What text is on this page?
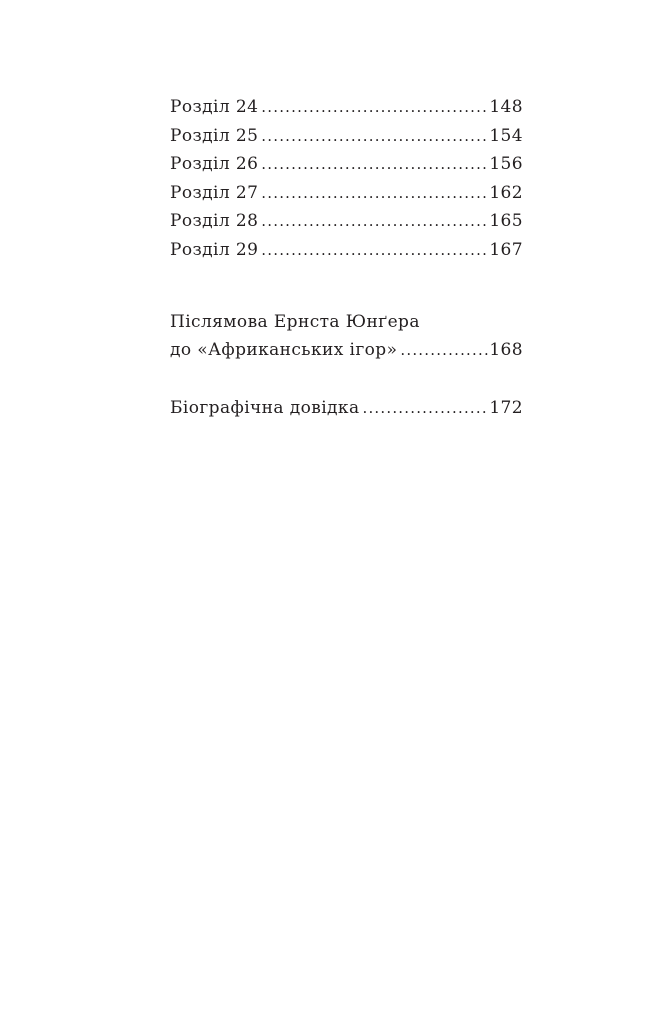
Розділ 24 .....	148
Розділ 25 .....	154
Розділ 26 .....	156
Розділ 27 .....	162
Розділ 28 .....	165
Розділ 29 .....	167
Післямова Ернста Юнґера
до «Африканських ігор» .....	168
Біографічна довідка .....	172
